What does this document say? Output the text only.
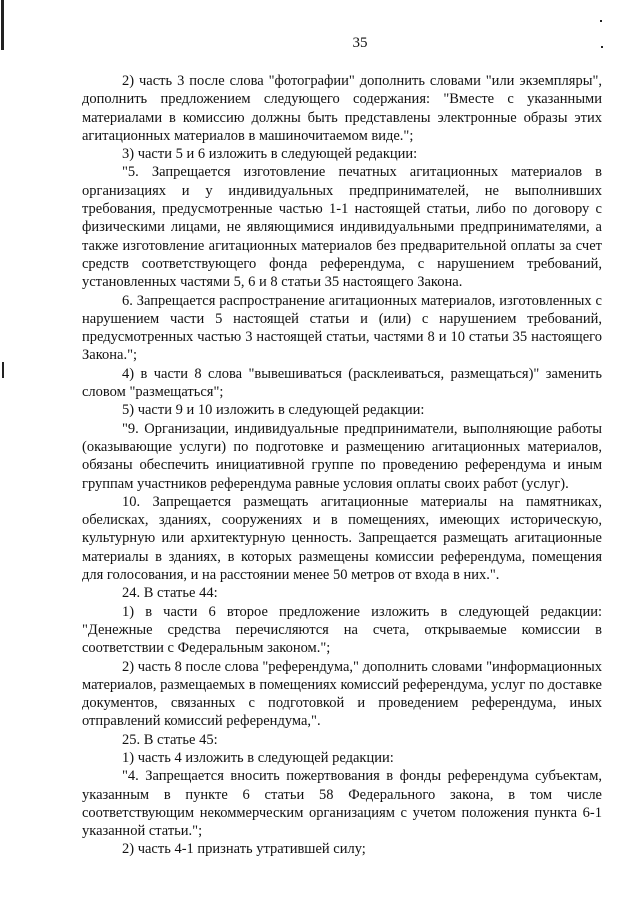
35

2) часть 3 после слова "фотографии" дополнить словами "или экземпляры", дополнить предложением следующего содержания: "Вместе с указанными материалами в комиссию должны быть представлены электронные образы этих агитационных материалов в машиночитаемом виде.";

3) части 5 и 6 изложить в следующей редакции:

"5. Запрещается изготовление печатных агитационных материалов в организациях и у индивидуальных предпринимателей, не выполнивших требования, предусмотренные частью 1-1 настоящей статьи, либо по договору с физическими лицами, не являющимися индивидуальными предпринимателями, а также изготовление агитационных материалов без предварительной оплаты за счет средств соответствующего фонда референдума, с нарушением требований, установленных частями 5, 6 и 8 статьи 35 настоящего Закона.

6. Запрещается распространение агитационных материалов, изготовленных с нарушением части 5 настоящей статьи и (или) с нарушением требований, предусмотренных частью 3 настоящей статьи, частями 8 и 10 статьи 35 настоящего Закона.";

4) в части 8 слова "вывешиваться (расклеиваться, размещаться)" заменить словом "размещаться";

5) части 9 и 10 изложить в следующей редакции:

"9. Организации, индивидуальные предприниматели, выполняющие работы (оказывающие услуги) по подготовке и размещению агитационных материалов, обязаны обеспечить инициативной группе по проведению референдума и иным группам участников референдума равные условия оплаты своих работ (услуг).

10. Запрещается размещать агитационные материалы на памятниках, обелисках, зданиях, сооружениях и в помещениях, имеющих историческую, культурную или архитектурную ценность. Запрещается размещать агитационные материалы в зданиях, в которых размещены комиссии референдума, помещения для голосования, и на расстоянии менее 50 метров от входа в них.".

24. В статье 44:

1) в части 6 второе предложение изложить в следующей редакции: "Денежные средства перечисляются на счета, открываемые комиссии в соответствии с Федеральным законом.";

2) часть 8 после слова "референдума," дополнить словами "информационных материалов, размещаемых в помещениях комиссий референдума, услуг по доставке документов, связанных с подготовкой и проведением референдума, иных отправлений комиссий референдума,".

25. В статье 45:

1) часть 4 изложить в следующей редакции:

"4. Запрещается вносить пожертвования в фонды референдума субъектам, указанным в пункте 6 статьи 58 Федерального закона, в том числе соответствующим некоммерческим организациям с учетом положения пункта 6-1 указанной статьи.";

2) часть 4-1 признать утратившей силу;
